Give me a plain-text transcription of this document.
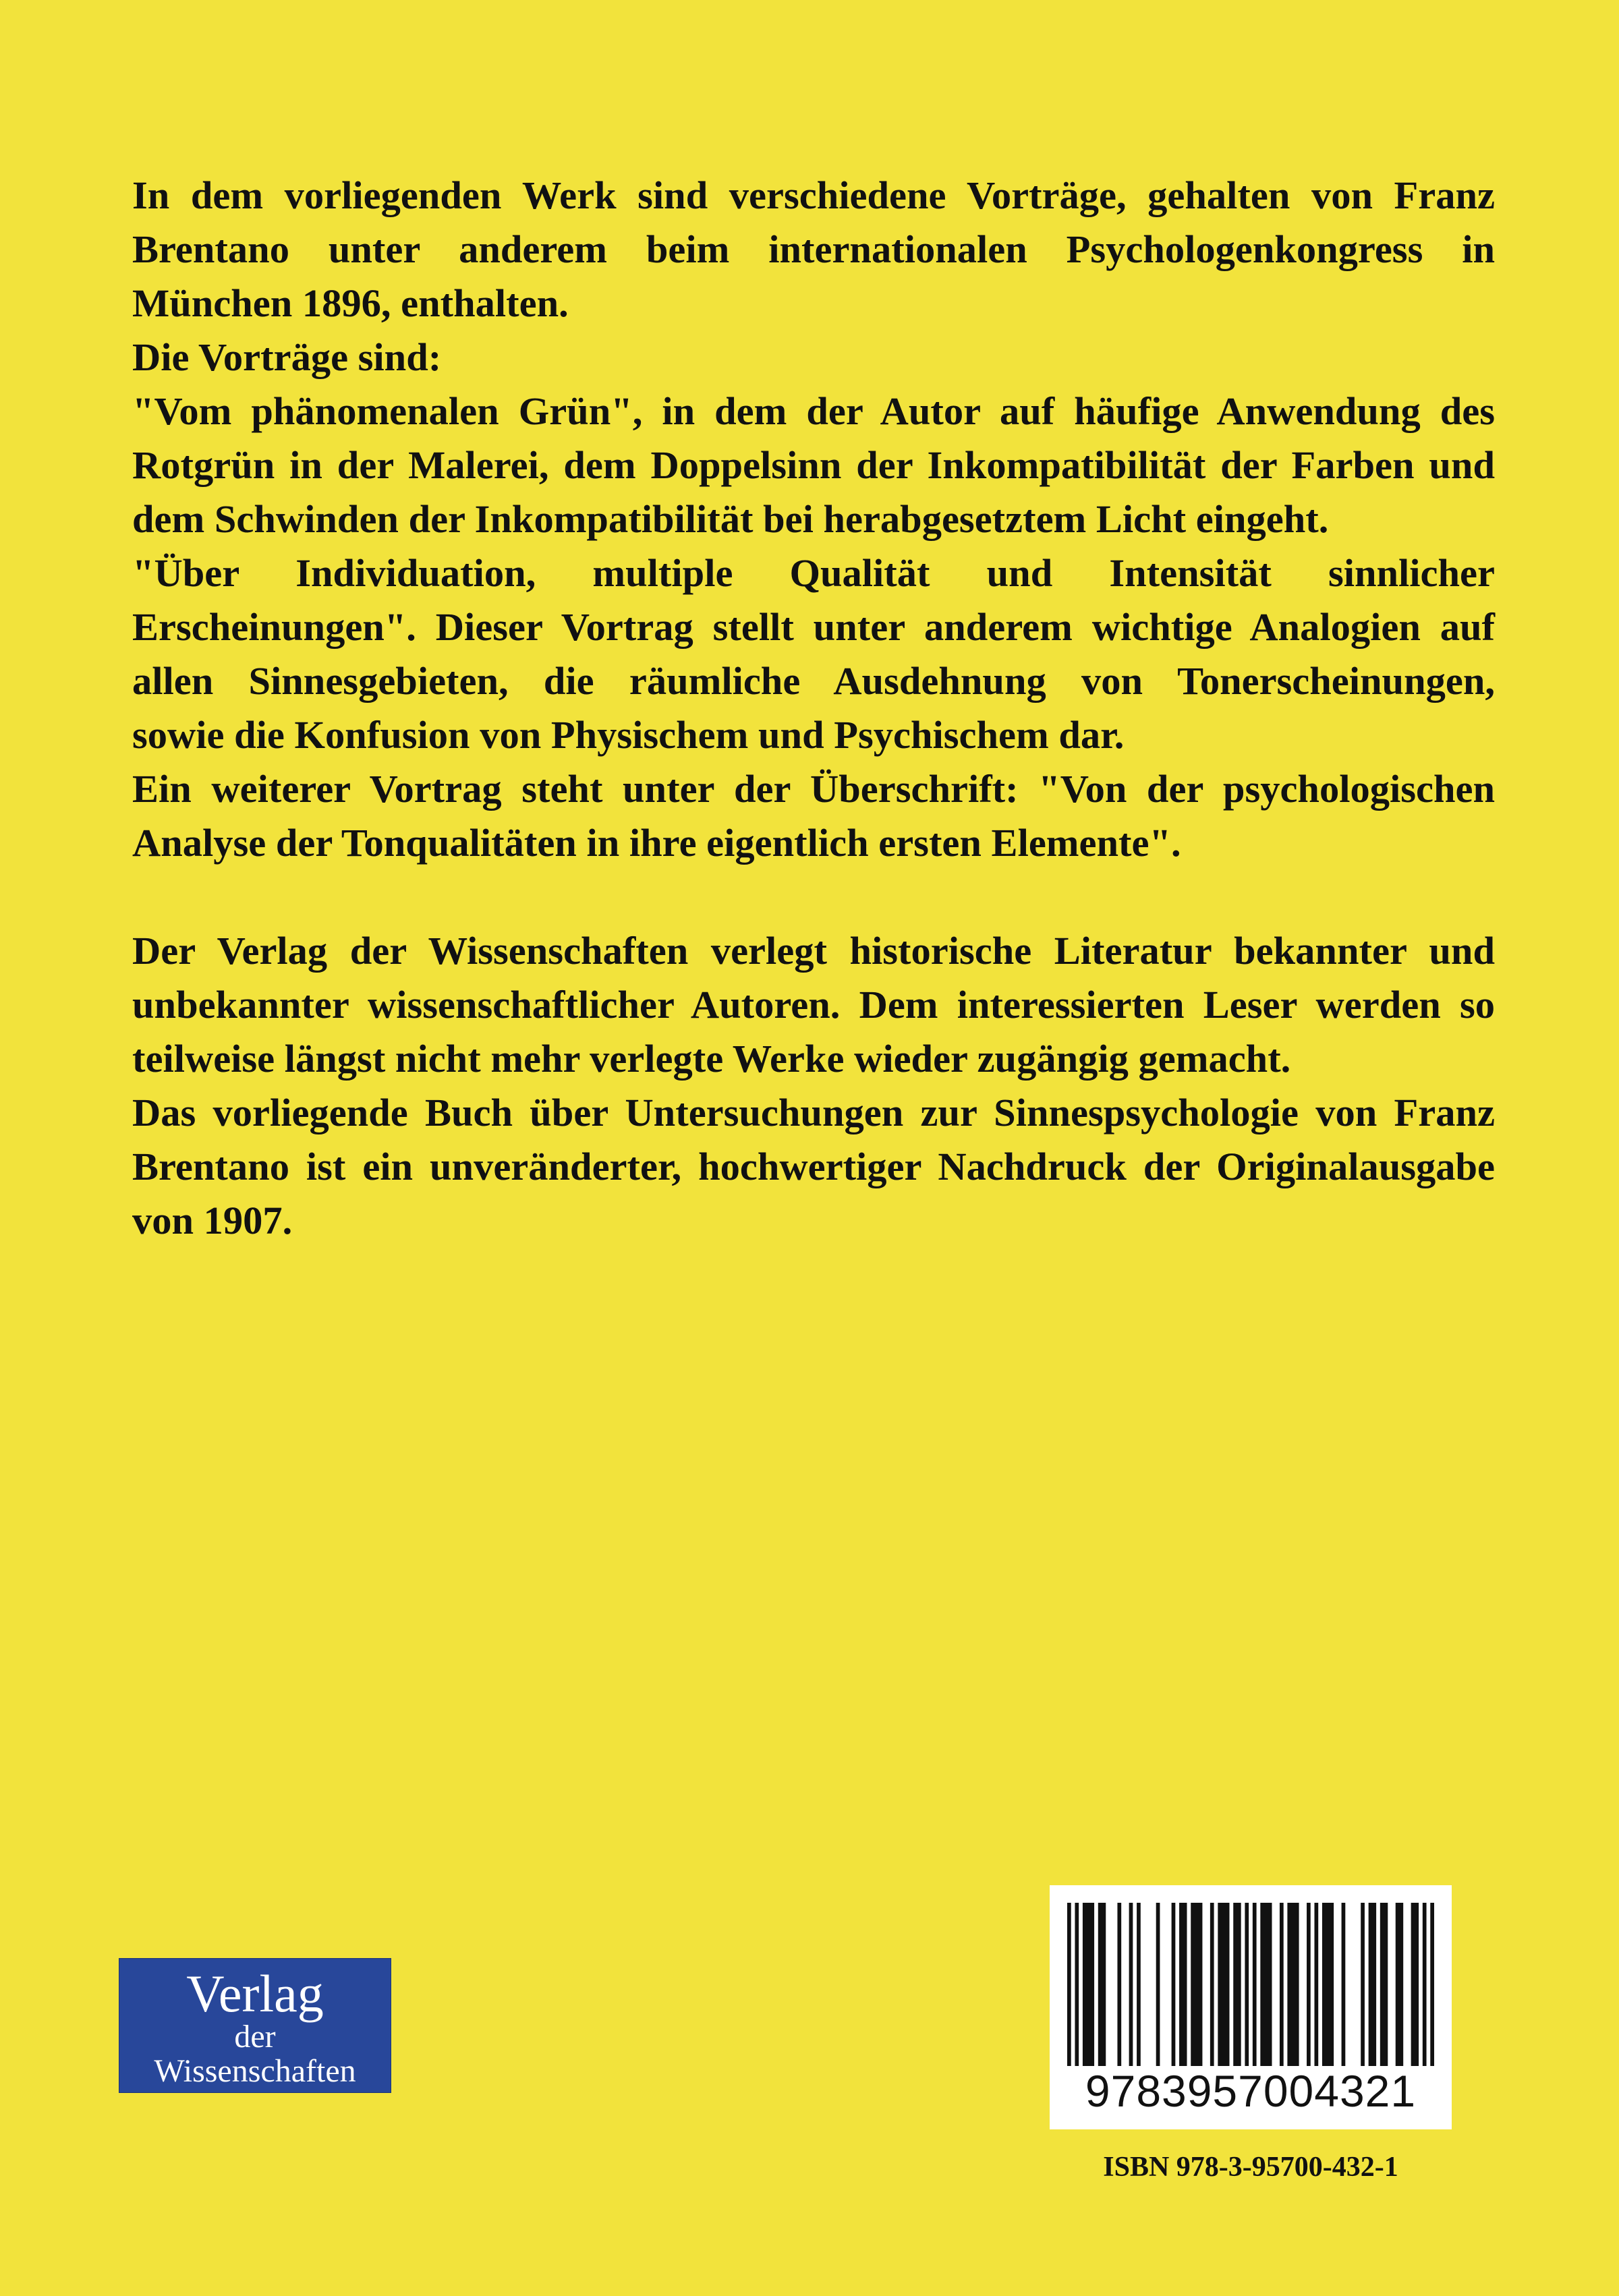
In dem vorliegenden Werk sind verschiedene Vorträge, gehalten von Franz
Brentano unter anderem beim internationalen Psychologenkongress in
München 1896, enthalten.
Die Vorträge sind:
"Vom phänomenalen Grün", in dem der Autor auf häufige Anwendung des
Rotgrün in der Malerei, dem Doppelsinn der Inkompatibilität der Farben und
dem Schwinden der Inkompatibilität bei herabgesetztem Licht eingeht.
"Über Individuation, multiple Qualität und Intensität sinnlicher
Erscheinungen". Dieser Vortrag stellt unter anderem wichtige Analogien auf
allen Sinnesgebieten, die räumliche Ausdehnung von Tonerscheinungen,
sowie die Konfusion von Physischem und Psychischem dar.
Ein weiterer Vortrag steht unter der Überschrift: "Von der psychologischen
Analyse der Tonqualitäten in ihre eigentlich ersten Elemente".
Der Verlag der Wissenschaften verlegt historische Literatur bekannter und
unbekannter wissenschaftlicher Autoren. Dem interessierten Leser werden so
teilweise längst nicht mehr verlegte Werke wieder zugängig gemacht.
Das vorliegende Buch über Untersuchungen zur Sinnespsychologie von Franz
Brentano ist ein unveränderter, hochwertiger Nachdruck der Originalausgabe
von 1907.
Verlag
der
Wissenschaften	9783957004321
ISBN 978-3-95700-432-1
